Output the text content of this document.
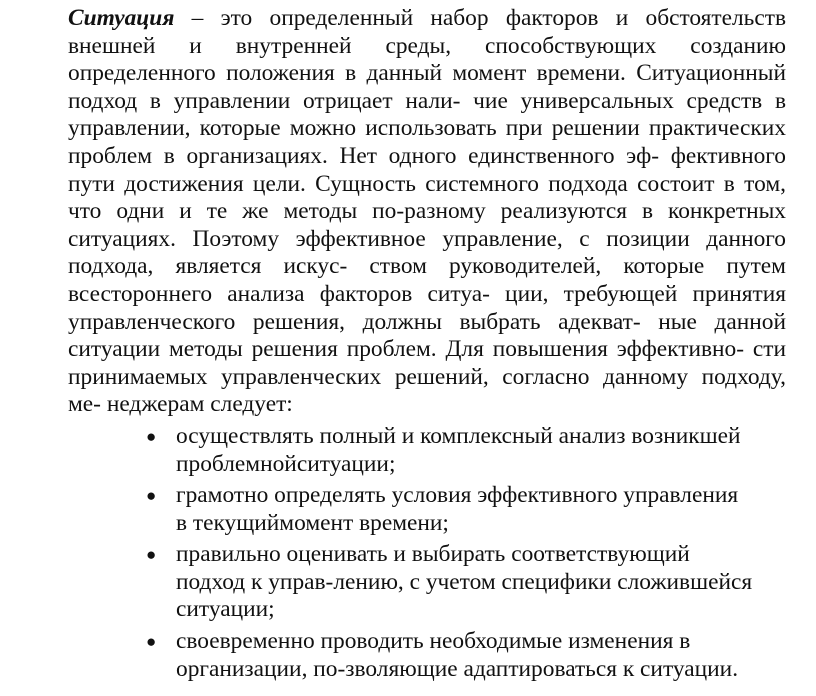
Ситуация – это определенный набор факторов и обстоятельств внешней и внутренней среды, способствующих созданию определенного положения в данный момент времени. Ситуационный подход в управлении отрицает нали- чие универсальных средств в управлении, которые можно использовать при решении практических проблем в организациях. Нет одного единственного эф- фективного пути достижения цели. Сущность системного подхода состоит в том, что одни и те же методы по-разному реализуются в конкретных ситуациях. Поэтому эффективное управление, с позиции данного подхода, является искус- ством руководителей, которые путем всестороннего анализа факторов ситуа- ции, требующей принятия управленческого решения, должны выбрать адекват- ные данной ситуации методы решения проблем. Для повышения эффективно- сти принимаемых управленческих решений, согласно данному подходу, ме- неджерам следует:

● осуществлять полный и комплексный анализ возникшей
проблемнойситуации;
● грамотно определять условия эффективного управления
в текущиймомент времени;
● правильно оценивать и выбирать соответствующий
подход к управ-лению, с учетом специфики сложившейся
ситуации;
● своевременно проводить необходимые изменения в
организации, по-зволяющие адаптироваться к ситуации.
